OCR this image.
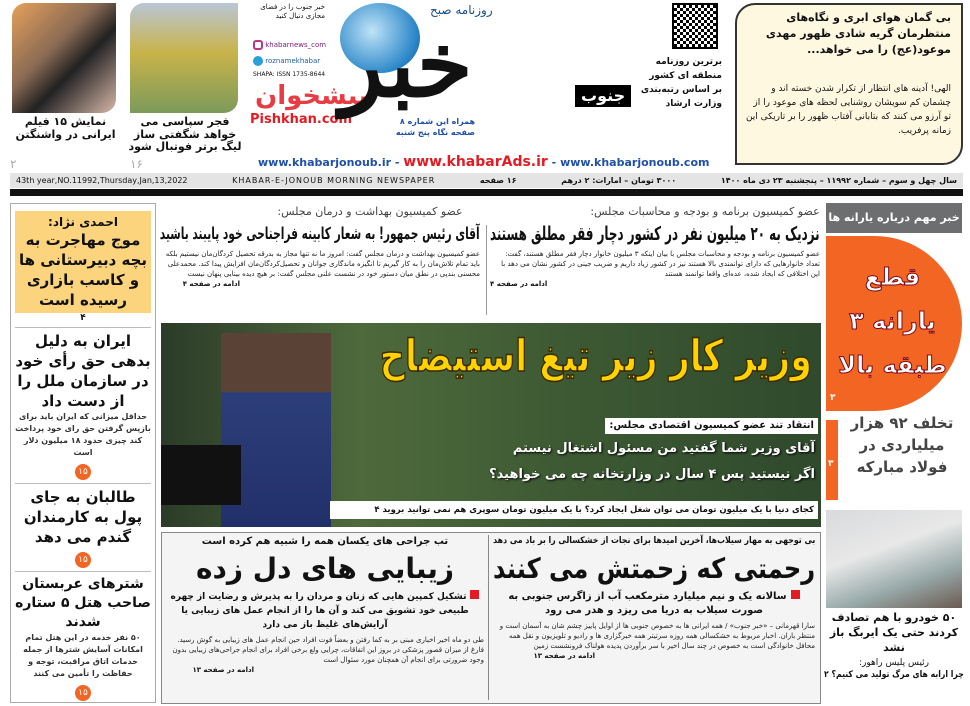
نمایش ۱۵ فیلم ایرانی در واشنگتن
۲
فجر سپاسی می خواهد شگفتی ساز لیگ برتر فوتبال شود
۱۶
خبر جنوب را در فضای مجازی دنبال کنید
khabarnews_com
roznamekhabar
SHAPA: ISSN 1735-8644
پیشخوان
Pishkhan.com
روزنامه صبح
خبر	جنوب
همراه این شماره ۸ صفحه نگاه پنج شنبه
برترین روزنامه منطقه ای کشور بر اساس رتبه‌بندی وزارت ارشاد
بی گمان هوای ابری و نگاه‌های منتظرمان گریه شادی ظهور مهدی موعود(عج) را می خواهد...
الهی! آدینه های انتظار از تکرار شدن خسته اند و چشمان کم سویشان روشنایی لحظه های موعود را از تو آرزو می کنند که بتابانی آفتاب ظهور را بر تاریکی این زمانه پرفریب.
www.khabarjonoub.ir - www.khabarAds.ir - www.khabarjonoub.com
43th year,NO.11992,Thursday,Jan,13,2022	KHABAR-E-JONOUB MORNING NEWSPAPER	۱۶ صفحه	۳۰۰۰ تومان – امارات: ۲ درهم	سال چهل و سوم – شماره ۱۱۹۹۲ – پنجشنبه ۲۳ دی ماه ۱۴۰۰
احمدی نژاد:
موج مهاجرت به بچه دبیرستانی ها و کاسب بازاری رسیده است
۴
ایران به دلیل بدهی حق رأی خود در سازمان ملل را از دست داد
حداقل میزانی که ایران باید برای بازپس گرفتن حق رای خود پرداخت کند چیزی حدود ۱۸ میلیون دلار است
۱۵
طالبان به جای پول به کارمندان گندم می دهد
۱۵
شترهای عربستان صاحب هتل ۵ ستاره شدند
۵۰ نفر خدمه در این هتل تمام امکانات آسایش شترها از جمله خدمات اتاق مراقبت، توجه و حفاظت را تأمین می کنند
۱۵
عضو کمیسیون برنامه و بودجه و محاسبات مجلس:
نزدیک به ۲۰ میلیون نفر در کشور دچار فقر مطلق هستند
عضو کمیسیون برنامه و بودجه و محاسبات مجلس با بیان اینکه ۳ میلیون خانوار دچار فقر مطلق هستند، گفت: تعداد خانوارهایی که دارای توانمندی بالا هستند نیز در کشور زیاد داریم و ضریب جینی در کشور نشان می دهد با این اختلافی که ایجاد شده، عده‌ای واقعا توانمند هستند
ادامه در صفحه ۴
عضو کمیسیون بهداشت و درمان مجلس:
آقای رئیس جمهور! به شعار کابینه فراجناحی خود پایبند باشید
عضو کمیسیون بهداشت و درمان مجلس گفت: امروز ما نه تنها مجاز به بدرقه تحصیل کردگان‌مان نیستیم بلکه باید تمام تلاش‌مان را به کار گیریم تا انگیزه ماندگاری جوانان و تحصیل‌کردگان‌مان افزایش پیدا کند. محمدعلی محسنی بندپی در نطق میان دستور خود در نشست علنی مجلس گفت: بر هیچ دیده بینایی پنهان نیست
ادامه در صفحه ۴
وزیر کار زیر تیغ استیضاح
انتقاد تند عضو کمیسیون اقتصادی مجلس:
آقای وزیر شما گفتید من مسئول اشتغال نیستم
اگر نیستید پس ۴ سال در وزارتخانه چه می خواهید؟
کجای دنیا با یک میلیون تومان می توان شغل ایجاد کرد؟ با یک میلیون تومان سوپری هم نمی توانید بروید ۴
بی توجهی به مهار سیلاب‌ها، آخرین امیدها برای نجات از خشکسالی را بر باد می دهد
رحمتی که زحمتش می کنند
سالانه یک و نیم میلیارد مترمکعب آب از زاگرس جنوبی به صورت سیلاب به دریا می ریزد و هدر می رود
سارا قهرمانی – «خبر جنوب» / همه ایرانی ها به خصوص جنوبی ها از اوایل پاییز چشم شان به آسمان است و منتظر باران. اخبار مربوط به خشکسالی همه روزه سرتیتر همه خبرگزاری ها و رادیو و تلویزیون و نقل همه محافل خانوادگی است به خصوص در چند سال اخیر با سر برآوردن پدیده هولناک فرونشست زمین
ادامه در صفحه ۱۳
تب جراحی های یکسان همه را شبیه هم کرده است
زیبایی های دل زده
تشکیل کمپین هایی که زنان و مردان را به پذیرش و رضایت از چهره طبیعی خود تشویق می کند و آن ها را از انجام عمل های زیبایی یا آرایش‌های غلیظ باز می دارد
طی دو ماه اخیر اخباری مبنی بر به کما رفتن و بعضاً فوت افراد حین انجام عمل های زیبایی به گوش رسید. فارغ از میزان قصور پزشکی در بروز این اتفاقات، چرایی ولع برخی افراد برای انجام جراحی‌های زیبایی بدون وجود ضرورتی برای انجام آن همچنان مورد سئوال است
ادامه در صفحه ۱۳
خبر مهم درباره یارانه ها
قطع یارانه ۳ طبقه بالا
۳
۳
تخلف ۹۲ هزار میلیاردی در فولاد مبارکه
۵۰ خودرو با هم تصادف کردند حتی یک ایربگ باز نشد
رئیس پلیس راهور:
چرا ارابه های مرگ تولید می کنیم؟ ۲
